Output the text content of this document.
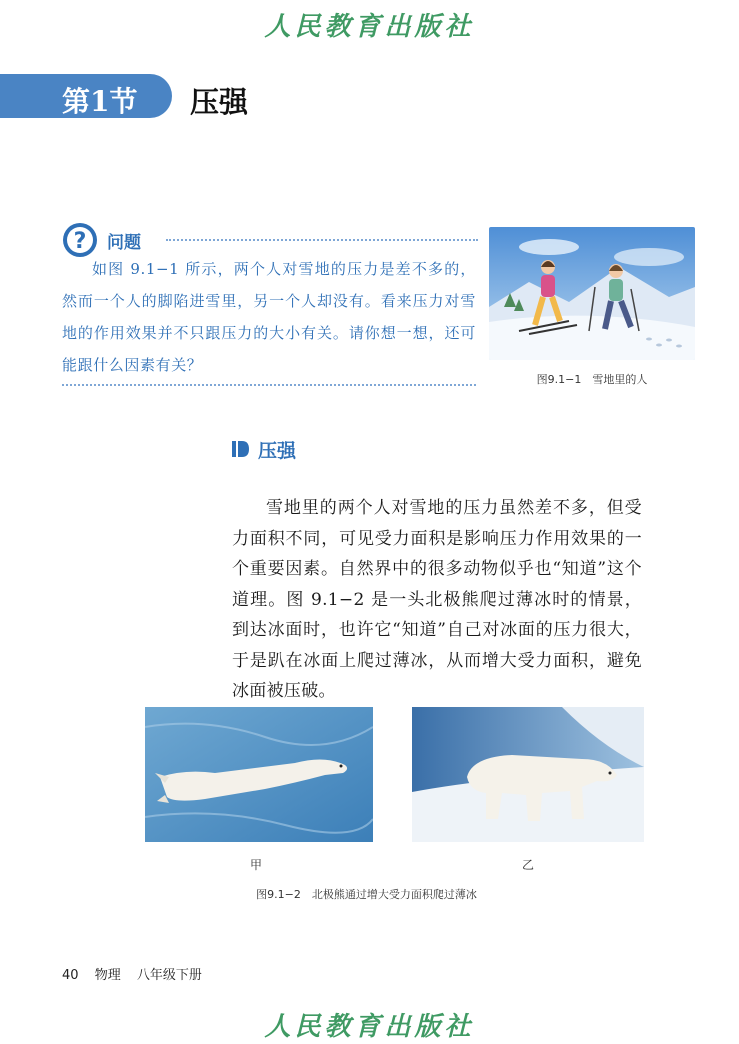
人民教育出版社
第1节 压强
? 问题
如图 9.1−1 所示，两个人对雪地的压力是差不多的，然而一个人的脚陷进雪里，另一个人却没有。看来压力对雪地的作用效果并不只跟压力的大小有关。请你想一想，还可能跟什么因素有关？
图9.1−1　雪地里的人
压强
雪地里的两个人对雪地的压力虽然差不多，但受力面积不同，可见受力面积是影响压力作用效果的一个重要因素。自然界中的很多动物似乎也“知道”这个道理。图 9.1−2 是一头北极熊爬过薄冰时的情景，到达冰面时，也许它“知道”自己对冰面的压力很大，于是趴在冰面上爬过薄冰，从而增大受力面积，避免冰面被压破。
甲	乙
图9.1−2　北极熊通过增大受力面积爬过薄冰
40 物理 八年级下册
人民教育出版社
